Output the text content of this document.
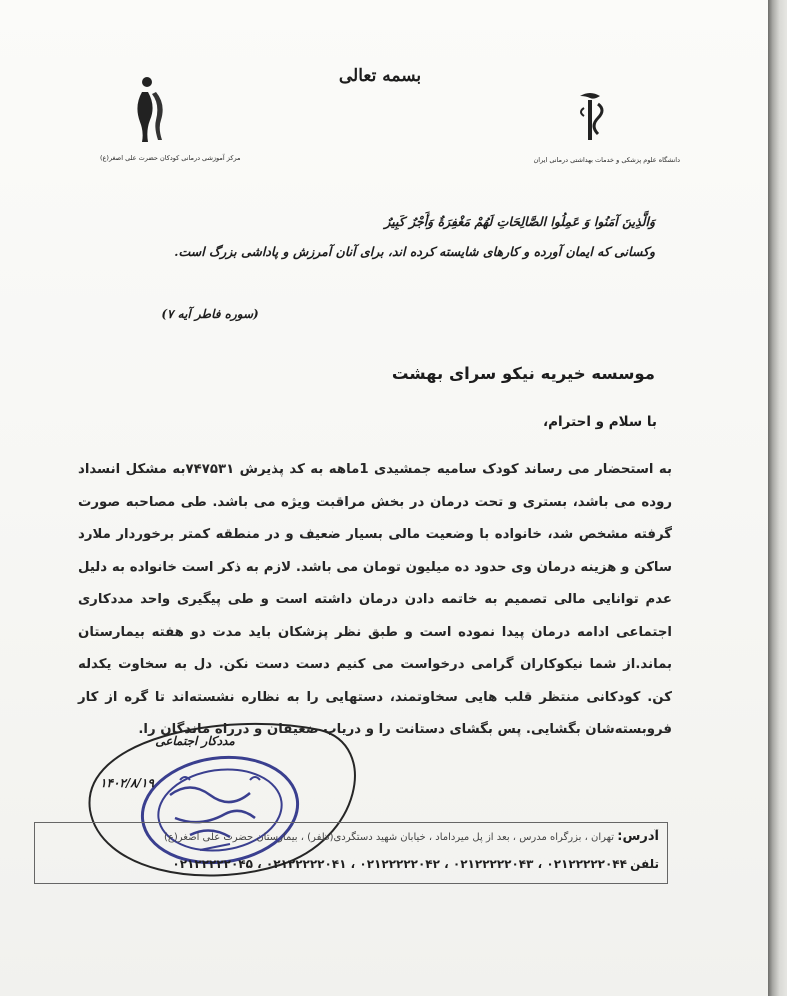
بسمه تعالی
مرکز آموزشی درمانی کودکان حضرت علی اصغر(ع)	دانشگاه علوم پزشکی و خدمات بهداشتی درمانی ایران
وَالَّذِينَ آمَنُوا وَ عَمِلُوا الصَّالِحَاتِ لَهُمْ مَغْفِرَةٌ وَأَجْرٌ كَبِيرٌ
وکسانی که ایمان آورده و کارهای شایسته کرده اند، برای آنان آمرزش و پاداشی بزرگ است.
(سوره فاطر آیه ۷)
موسسه خیریه نیکو سرای بهشت
با سلام و احترام،
به استحضار می رساند کودک سامیه جمشیدی 1ماهه به کد پذیرش ۷۴۷۵۳۱به مشکل انسداد روده می باشد، بستری و تحت درمان در بخش مراقبت ویژه می باشد. طی مصاحبه صورت گرفته مشخص شد، خانواده با وضعیت مالی بسیار ضعیف و در منطقه کمتر برخوردار ملارد ساکن و هزینه درمان وی حدود ده میلیون تومان می باشد. لازم به ذکر است خانواده به دلیل عدم توانایی مالی تصمیم به خاتمه دادن درمان داشته است و طی پیگیری واحد مددکاری اجتماعی ادامه درمان پیدا نموده است و طبق نظر پزشکان باید مدت دو هفته بیمارستان بماند.از شما نیکوکاران گرامی درخواست می کنیم دست دست نکن. دل به سخاوت یکدله کن. کودکانی منتظر قلب هایی سخاوتمند، دستهایی را به نظاره نشسته‌اند تا گره از کار فروبسته‌شان بگشایی. پس بگشای دستانت را و دریاب ضعیفان و درراه ماندگان را.
مددکار اجتماعی
۱۴۰۲/۸/۱۹
آدرس: تهران ، بزرگراه مدرس ، بعد از پل میرداماد ، خیابان شهید دستگردی(ظفر) ، بیمارستان حضرت علی اصغر(ع)
تلفن ۰۲۱۲۲۲۲۲۰۴۴ ، ۰۲۱۲۲۲۲۲۰۴۳ ، ۰۲۱۲۲۲۲۲۰۴۲ ، ۰۲۱۲۲۲۲۲۰۴۱ ، ۰۲۱۲۲۲۲۲۰۴۵
